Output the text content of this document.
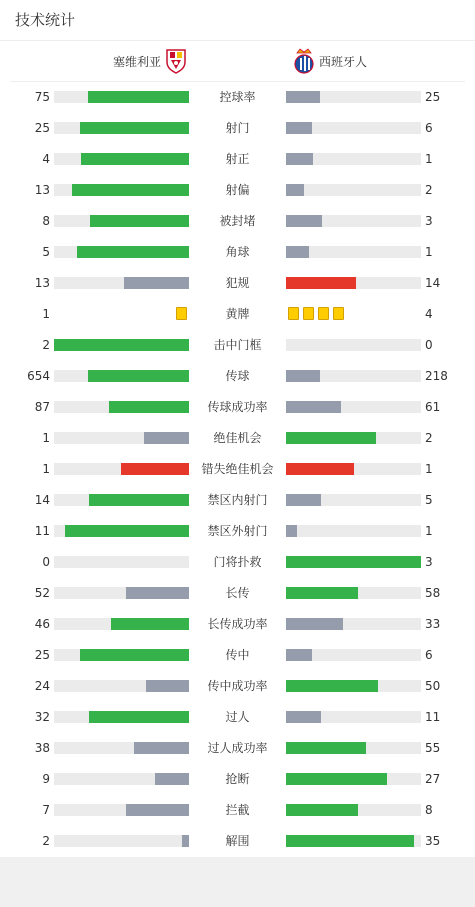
技术统计
塞维利亚	西班牙人
75	控球率	25
25	射门	6
4	射正	1
13	射偏	2
8	被封堵	3
5	角球	1
13	犯规	14
1	黄牌	4
2	击中门框	0
654	传球	218
87	传球成功率	61
1	绝佳机会	2
1	错失绝佳机会	1
14	禁区内射门	5
11	禁区外射门	1
0	门将扑救	3
52	长传	58
46	长传成功率	33
25	传中	6
24	传中成功率	50
32	过人	11
38	过人成功率	55
9	抢断	27
7	拦截	8
2	解围	35
